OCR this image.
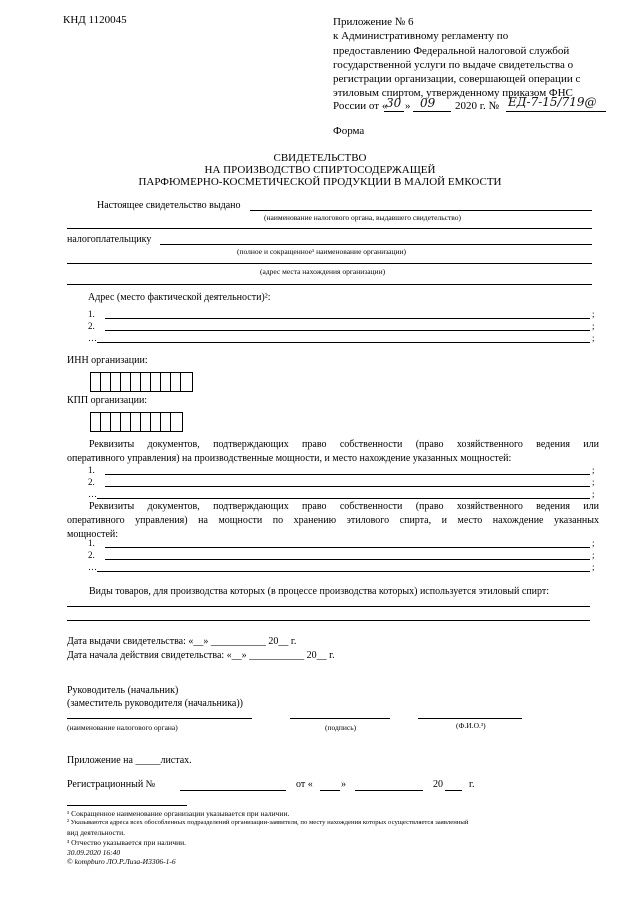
КНД 1120045	Приложение № 6
к Административному регламенту по
предоставлению Федеральной налоговой службой
государственной услуги по выдаче свидетельства о
регистрации организации, совершающей операции с
этиловым спиртом, утвержденному приказом ФНС
России от «
30 » 09 2020 г. № ЕД-7-15/719@
Форма
СВИДЕТЕЛЬСТВО
НА ПРОИЗВОДСТВО СПИРТОСОДЕРЖАЩЕЙ
ПАРФЮМЕРНО-КОСМЕТИЧЕСКОЙ ПРОДУКЦИИ В МАЛОЙ ЕМКОСТИ
Настоящее свидетельство выдано
(наименование налогового органа, выдавшего свидетельство)
налогоплательщику
(полное и сокращенное¹ наименование организации)
(адрес места нахождения организации)
Адрес (место фактической деятельности)²:
1.	;
2.	;
…	;
ИНН организации:
КПП организации:
Реквизиты документов, подтверждающих право собственности (право хозяйственного ведения или
оперативного управления) на производственные мощности, и место нахождение указанных мощностей:
1.	;
2.	;
…	;
Реквизиты документов, подтверждающих право собственности (право хозяйственного ведения или
оперативного управления) на мощности по хранению этилового спирта, и место нахождение указанных
мощностей:
1.	;
2.	;
…	;
Виды товаров, для производства которых (в процессе производства которых) используется этиловый спирт:
Дата выдачи свидетельства: «__» ___________ 20__ г.
Дата начала действия свидетельства: «__» ___________ 20__ г.
Руководитель (начальник)
(заместитель руководителя (начальника))
(наименование налогового органа)	(подпись)	(Ф.И.О.³)
Приложение на _____листах.
Регистрационный №	от «	»	20	г.
¹ Сокращенное наименование организации указывается при наличии.
² Указываются адреса всех обособленных подразделений организации-заявителя, по месту нахождения которых осуществляется заявленный
вид деятельности.
³ Отчество указывается при наличии.
30.09.2020 16:40
© kompburo ЛО.Р.Лиза-И3306-1-6
